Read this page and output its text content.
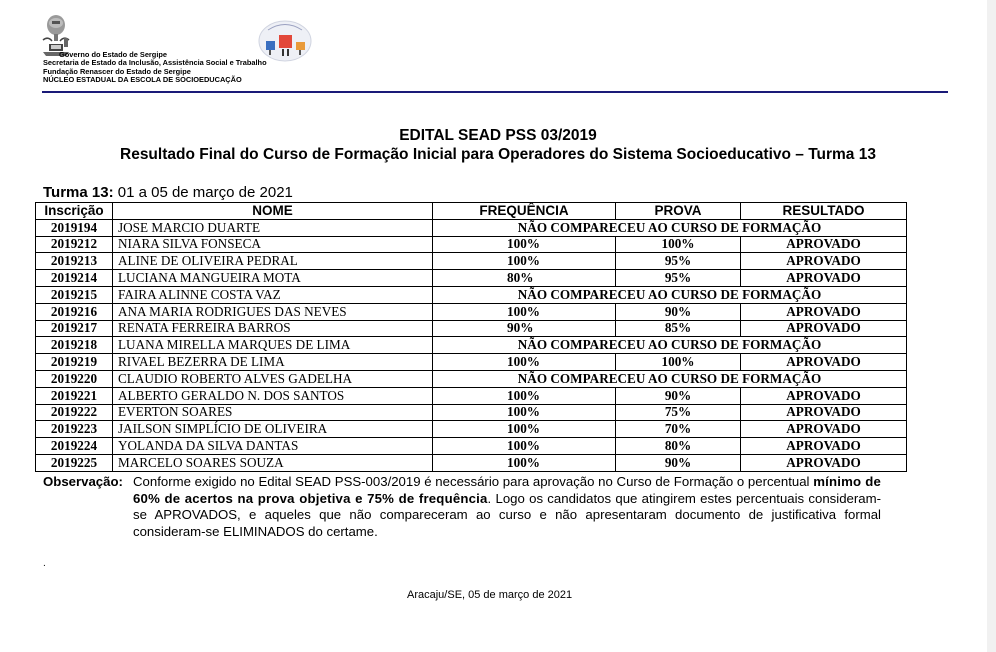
Governo do Estado de Sergipe
Secretaria de Estado da Inclusão, Assistência Social e Trabalho
Fundação Renascer do Estado de Sergipe
NÚCLEO ESTADUAL DA ESCOLA DE SOCIOEDUCAÇÃO
EDITAL SEAD PSS 03/2019
Resultado Final do Curso de Formação Inicial para Operadores do Sistema Socioeducativo – Turma 13
Turma 13: 01 a 05 de março de 2021
Inscrição	NOME	FREQUÊNCIA	PROVA	RESULTADO
2019194	JOSE MARCIO DUARTE	NÃO COMPARECEU AO CURSO DE FORMAÇÃO		
2019212	NIARA SILVA FONSECA	100%	100%	APROVADO
2019213	ALINE DE OLIVEIRA PEDRAL	100%	95%	APROVADO
2019214	LUCIANA MANGUEIRA MOTA	80%	95%	APROVADO
2019215	FAIRA ALINNE COSTA VAZ	NÃO COMPARECEU AO CURSO DE FORMAÇÃO		
2019216	ANA MARIA RODRIGUES DAS NEVES	100%	90%	APROVADO
2019217	RENATA FERREIRA BARROS	90%	85%	APROVADO
2019218	LUANA MIRELLA MARQUES DE LIMA	NÃO COMPARECEU AO CURSO DE FORMAÇÃO		
2019219	RIVAEL BEZERRA DE LIMA	100%	100%	APROVADO
2019220	CLAUDIO ROBERTO ALVES GADELHA	NÃO COMPARECEU AO CURSO DE FORMAÇÃO		
2019221	ALBERTO GERALDO N. DOS SANTOS	100%	90%	APROVADO
2019222	EVERTON SOARES	100%	75%	APROVADO
2019223	JAILSON SIMPLÍCIO DE OLIVEIRA	100%	70%	APROVADO
2019224	YOLANDA DA SILVA DANTAS	100%	80%	APROVADO
2019225	MARCELO SOARES SOUZA	100%	90%	APROVADO
Observação: Conforme exigido no Edital SEAD PSS-003/2019 é necessário para aprovação no Curso de Formação o percentual mínimo de 60% de acertos na prova objetiva e 75% de frequência. Logo os candidatos que atingirem estes percentuais consideram-se APROVADOS, e aqueles que não compareceram ao curso e não apresentaram documento de justificativa formal consideram-se ELIMINADOS do certame.
.
Aracaju/SE, 05 de março de 2021
